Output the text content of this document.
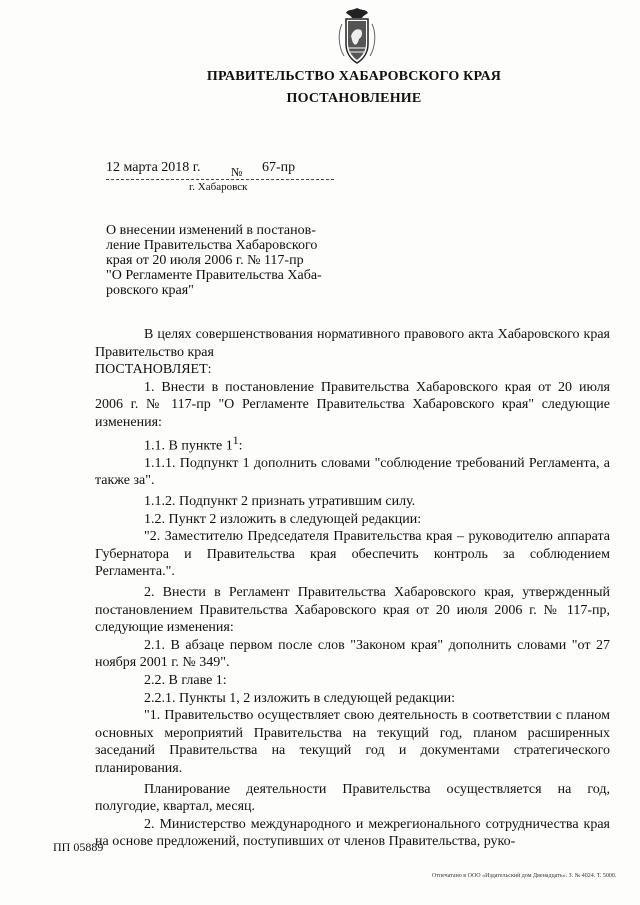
ПРАВИТЕЛЬСТВО ХАБАРОВСКОГО КРАЯ
ПОСТАНОВЛЕНИЕ
12 марта 2018 г.	№ 67-пр
г. Хабаровск
О внесении изменений в постанов-
ление Правительства Хабаровского
края от 20 июля 2006 г. № 117-пр
"О Регламенте Правительства Хаба-
ровского края"

В целях совершенствования нормативного правового акта Хабаровского края Правительство края

ПОСТАНОВЛЯЕТ:

1. Внести в постановление Правительства Хабаровского края от 20 июля 2006 г. № 117-пр "О Регламенте Правительства Хабаровского края" следующие изменения:

1.1. В пункте $1^1$:

1.1.1. Подпункт 1 дополнить словами "соблюдение требований Регламента, а также за".

1.1.2. Подпункт 2 признать утратившим силу.

1.2. Пункт 2 изложить в следующей редакции:

"2. Заместителю Председателя Правительства края – руководителю аппарата Губернатора и Правительства края обеспечить контроль за соблюдением Регламента.".

2. Внести в Регламент Правительства Хабаровского края, утвержденный постановлением Правительства Хабаровского края от 20 июля 2006 г. № 117-пр, следующие изменения:

2.1. В абзаце первом после слов "Законом края" дополнить словами "от 27 ноября 2001 г. № 349".

2.2. В главе 1:

2.2.1. Пункты 1, 2 изложить в следующей редакции:

"1. Правительство осуществляет свою деятельность в соответствии с планом основных мероприятий Правительства на текущий год, планом расширенных заседаний Правительства на текущий год и документами стратегического планирования.

Планирование деятельности Правительства осуществляется на год, полугодие, квартал, месяц.

2. Министерство международного и межрегионального сотрудничества края на основе предложений, поступивших от членов Правительства, руко-

ПП 05889
Отпечатано в ООО «Издательский дом Двенадцать». З. № 4024. Т. 5000.
